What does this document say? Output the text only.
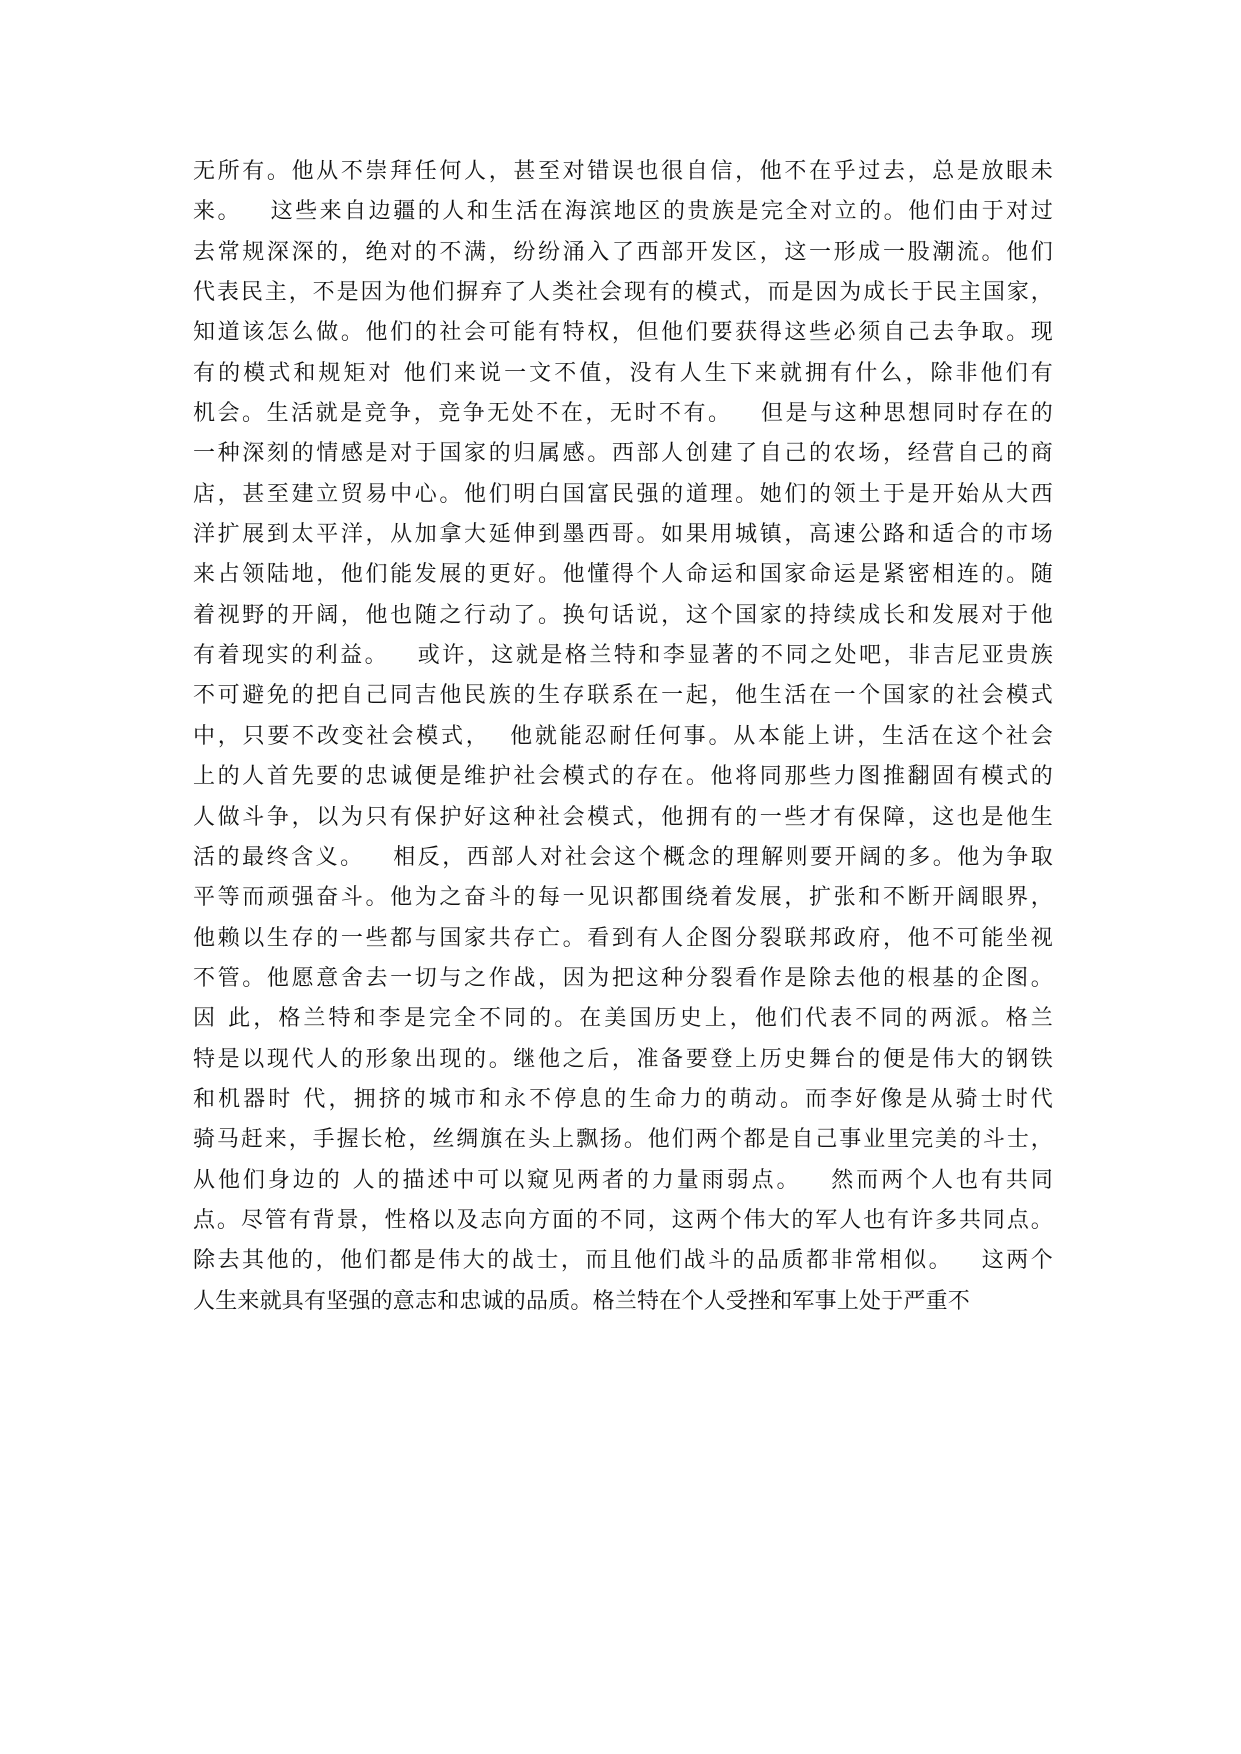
无所有。他从不崇拜任何人，甚至对错误也很自信，他不在乎过去，总是放眼未
来。   这些来自边疆的人和生活在海滨地区的贵族是完全对立的。他们由于对过
去常规深深的，绝对的不满，纷纷涌入了西部开发区，这一形成一股潮流。他们
代表民主，不是因为他们摒弃了人类社会现有的模式，而是因为成长于民主国家，
知道该怎么做。他们的社会可能有特权，但他们要获得这些必须自己去争取。现
有的模式和规矩对 他们来说一文不值，没有人生下来就拥有什么，除非他们有
机会。生活就是竞争，竞争无处不在，无时不有。   但是与这种思想同时存在的
一种深刻的情感是对于国家的归属感。西部人创建了自己的农场，经营自己的商
店，甚至建立贸易中心。他们明白国富民强的道理。她们的领土于是开始从大西
洋扩展到太平洋，从加拿大延伸到墨西哥。如果用城镇，高速公路和适合的市场
来占领陆地，他们能发展的更好。他懂得个人命运和国家命运是紧密相连的。随
着视野的开阔，他也随之行动了。换句话说，这个国家的持续成长和发展对于他
有着现实的利益。   或许，这就是格兰特和李显著的不同之处吧，非吉尼亚贵族
不可避免的把自己同吉他民族的生存联系在一起，他生活在一个国家的社会模式
中，只要不改变社会模式，  他就能忍耐任何事。从本能上讲，生活在这个社会
上的人首先要的忠诚便是维护社会模式的存在。他将同那些力图推翻固有模式的
人做斗争，以为只有保护好这种社会模式，他拥有的一些才有保障，这也是他生
活的最终含义。   相反，西部人对社会这个概念的理解则要开阔的多。他为争取
平等而顽强奋斗。他为之奋斗的每一见识都围绕着发展，扩张和不断开阔眼界，
他赖以生存的一些都与国家共存亡。看到有人企图分裂联邦政府，他不可能坐视
不管。他愿意舍去一切与之作战，因为把这种分裂看作是除去他的根基的企图。
因 此，格兰特和李是完全不同的。在美国历史上，他们代表不同的两派。格兰
特是以现代人的形象出现的。继他之后，准备要登上历史舞台的便是伟大的钢铁
和机器时 代，拥挤的城市和永不停息的生命力的萌动。而李好像是从骑士时代
骑马赶来，手握长枪，丝绸旗在头上飘扬。他们两个都是自己事业里完美的斗士，
从他们身边的 人的描述中可以窥见两者的力量雨弱点。   然而两个人也有共同
点。尽管有背景，性格以及志向方面的不同，这两个伟大的军人也有许多共同点。
除去其他的，他们都是伟大的战士，而且他们战斗的品质都非常相似。   这两个
人生来就具有坚强的意志和忠诚的品质。格兰特在个人受挫和军事上处于严重不
